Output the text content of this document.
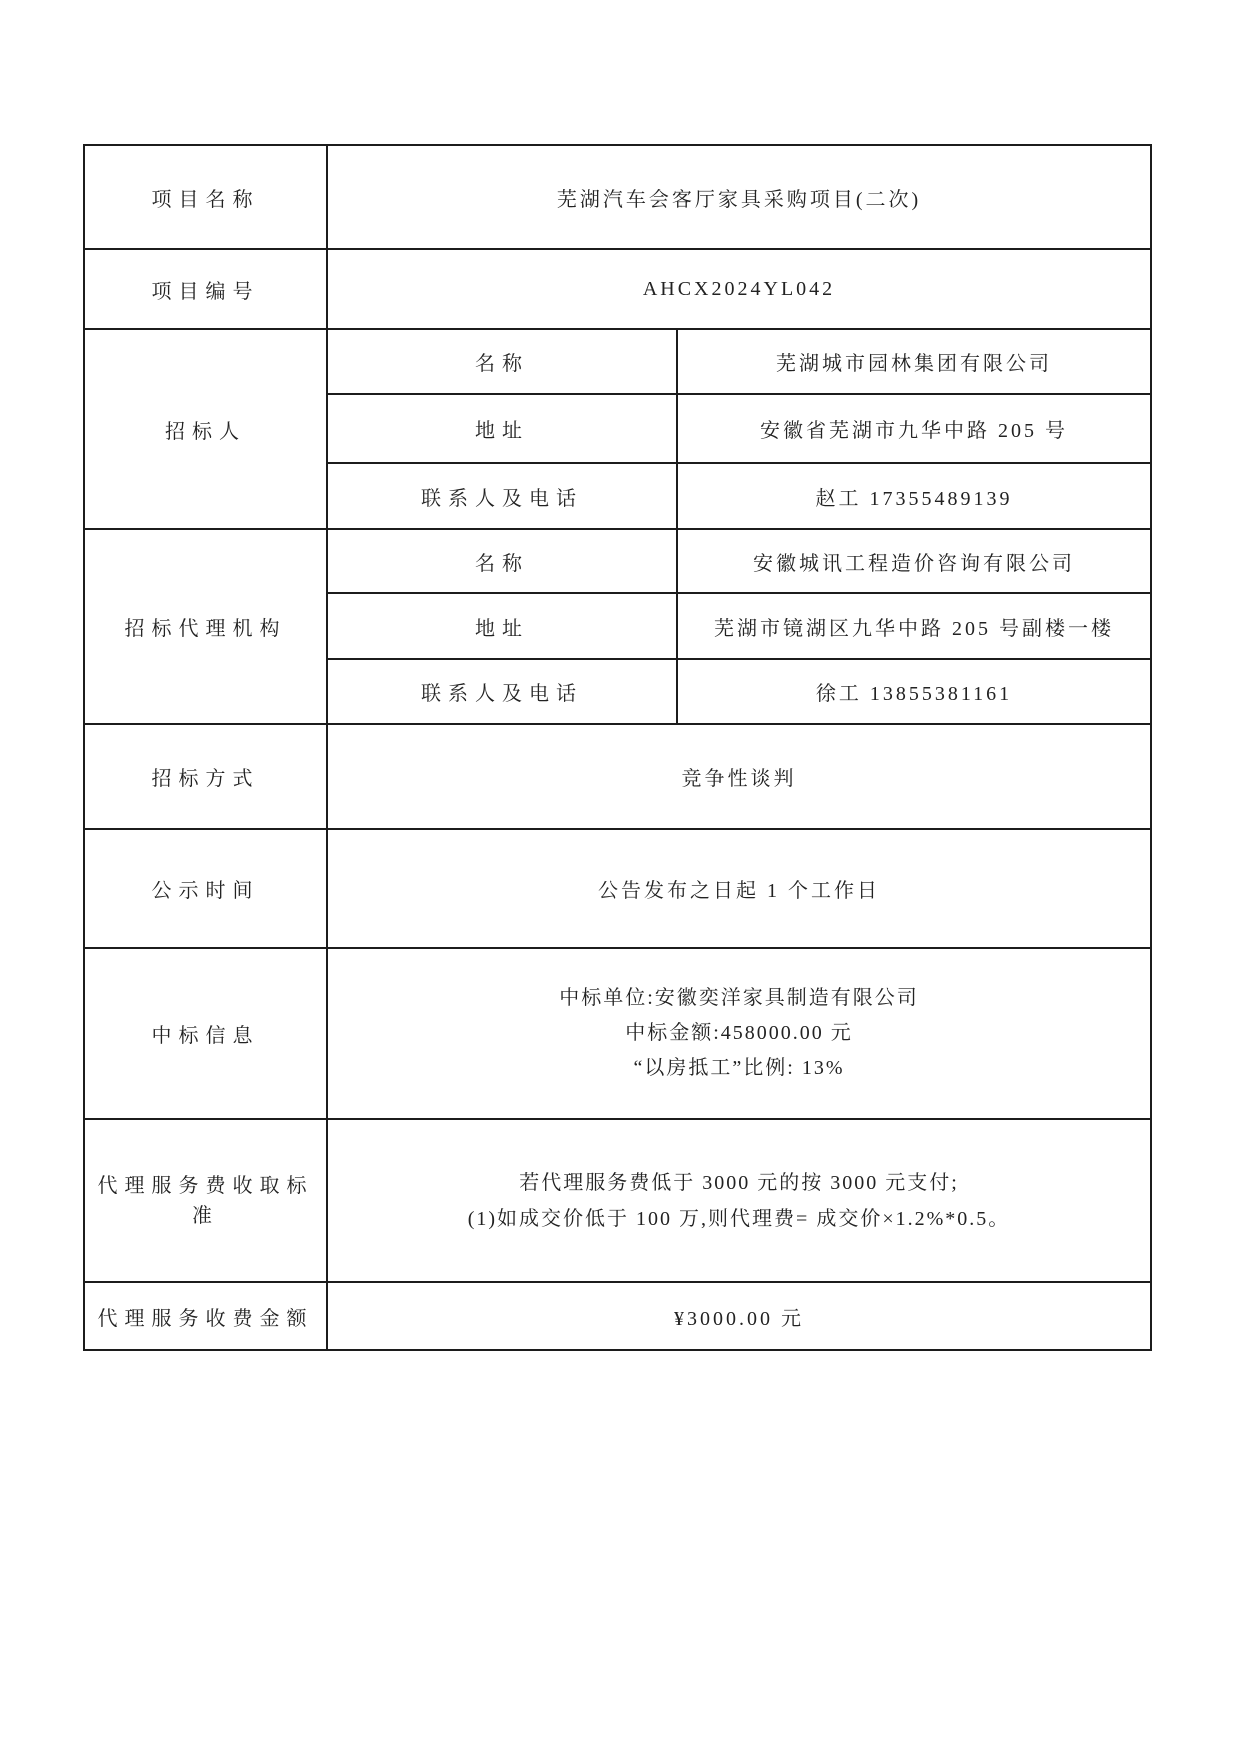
项目名称	芜湖汽车会客厅家具采购项目(二次)	
项目编号	AHCX2024YL042	
招标人	名称	芜湖城市园林集团有限公司
	地址	安徽省芜湖市九华中路 205 号
	联系人及电话	赵工 17355489139
招标代理机构	名称	安徽城讯工程造价咨询有限公司
	地址	芜湖市镜湖区九华中路 205 号副楼一楼
	联系人及电话	徐工 13855381161
招标方式	竞争性谈判	
公示时间	公告发布之日起 1 个工作日	
中标信息	中标单位:安徽奕洋家具制造有限公司
中标金额:458000.00 元
“以房抵工”比例: 13%	

代理服务费收取标准	若代理服务费低于 3000 元的按 3000 元支付;
(1)如成交价低于 100 万,则代理费= 成交价×1.2%*0.5。	

代理服务收费金额	¥3000.00 元	
